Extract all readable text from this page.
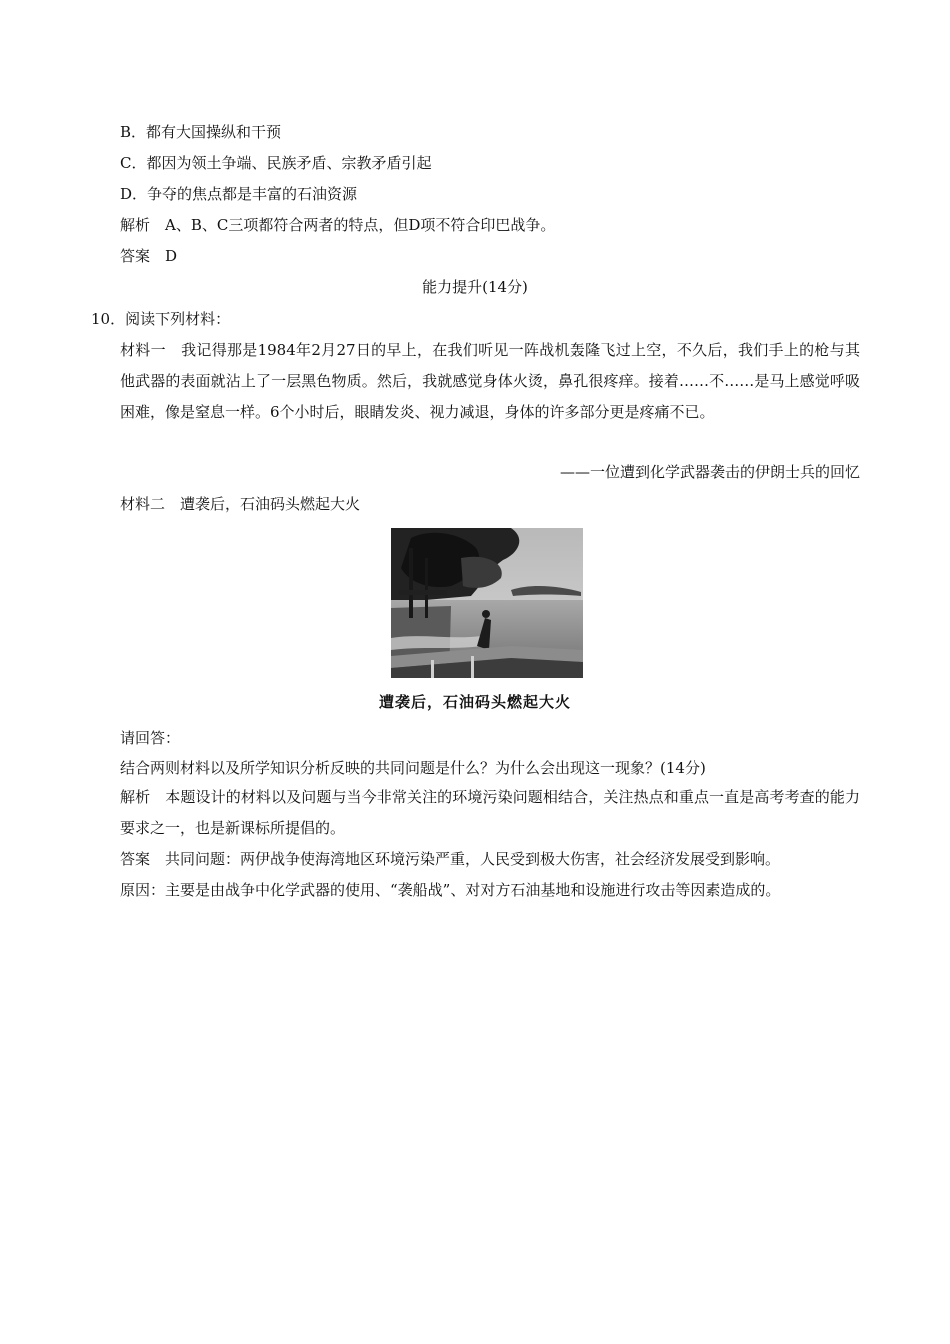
B．都有大国操纵和干预
C．都因为领土争端、民族矛盾、宗教矛盾引起
D．争夺的焦点都是丰富的石油资源
解析　A、B、C三项都符合两者的特点，但D项不符合印巴战争。
答案　D
能力提升(14分)
10．阅读下列材料：
材料一　我记得那是1984年2月27日的早上，在我们听见一阵战机轰隆飞过上空，不久后，我们手上的枪与其他武器的表面就沾上了一层黑色物质。然后，我就感觉身体火烫，鼻孔很疼痒。接着……不……是马上感觉呼吸困难，像是窒息一样。6个小时后，眼睛发炎、视力减退，身体的许多部分更是疼痛不已。
——一位遭到化学武器袭击的伊朗士兵的回忆
材料二　遭袭后，石油码头燃起大火
遭袭后，石油码头燃起大火
请回答：
结合两则材料以及所学知识分析反映的共同问题是什么？为什么会出现这一现象？(14分)
解析　本题设计的材料以及问题与当今非常关注的环境污染问题相结合，关注热点和重点一直是高考考查的能力要求之一，也是新课标所提倡的。
答案　共同问题：两伊战争使海湾地区环境污染严重，人民受到极大伤害，社会经济发展受到影响。
原因：主要是由战争中化学武器的使用、“袭船战”、对对方石油基地和设施进行攻击等因素造成的。
